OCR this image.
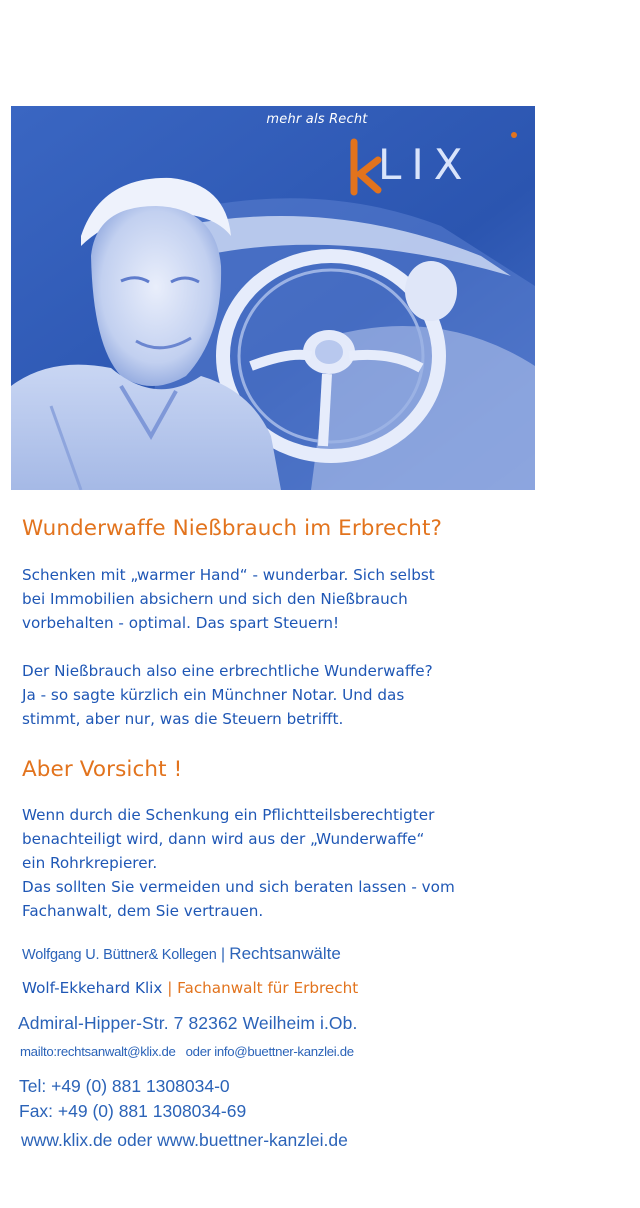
mehr als Recht
LIX
Wunderwaffe Nießbrauch im Erbrecht?
Schenken mit „warmer Hand“ - wunderbar. Sich selbst
bei Immobilien absichern und sich den Nießbrauch
vorbehalten - optimal. Das spart Steuern!
Der Nießbrauch also eine erbrechtliche Wunderwaffe?
Ja - so sagte kürzlich ein Münchner Notar. Und das
stimmt, aber nur, was die Steuern betrifft.
Aber Vorsicht !
Wenn durch die Schenkung ein Pflichtteilsberechtigter
benachteiligt wird, dann wird aus der „Wunderwaffe“
ein Rohrkrepierer.
Das sollten Sie vermeiden und sich beraten lassen - vom
Fachanwalt, dem Sie vertrauen.
Wolfgang U. Büttner& Kollegen | Rechtsanwälte
Wolf-Ekkehard Klix | Fachanwalt für Erbrecht
Admiral-Hipper-Str. 7 82362 Weilheim i.Ob.
mailto:rechtsanwalt@klix.de   oder info@buettner-kanzlei.de
Tel: +49 (0) 881 1308034-0
Fax: +49 (0) 881 1308034-69
www.klix.de oder www.buettner-kanzlei.de
